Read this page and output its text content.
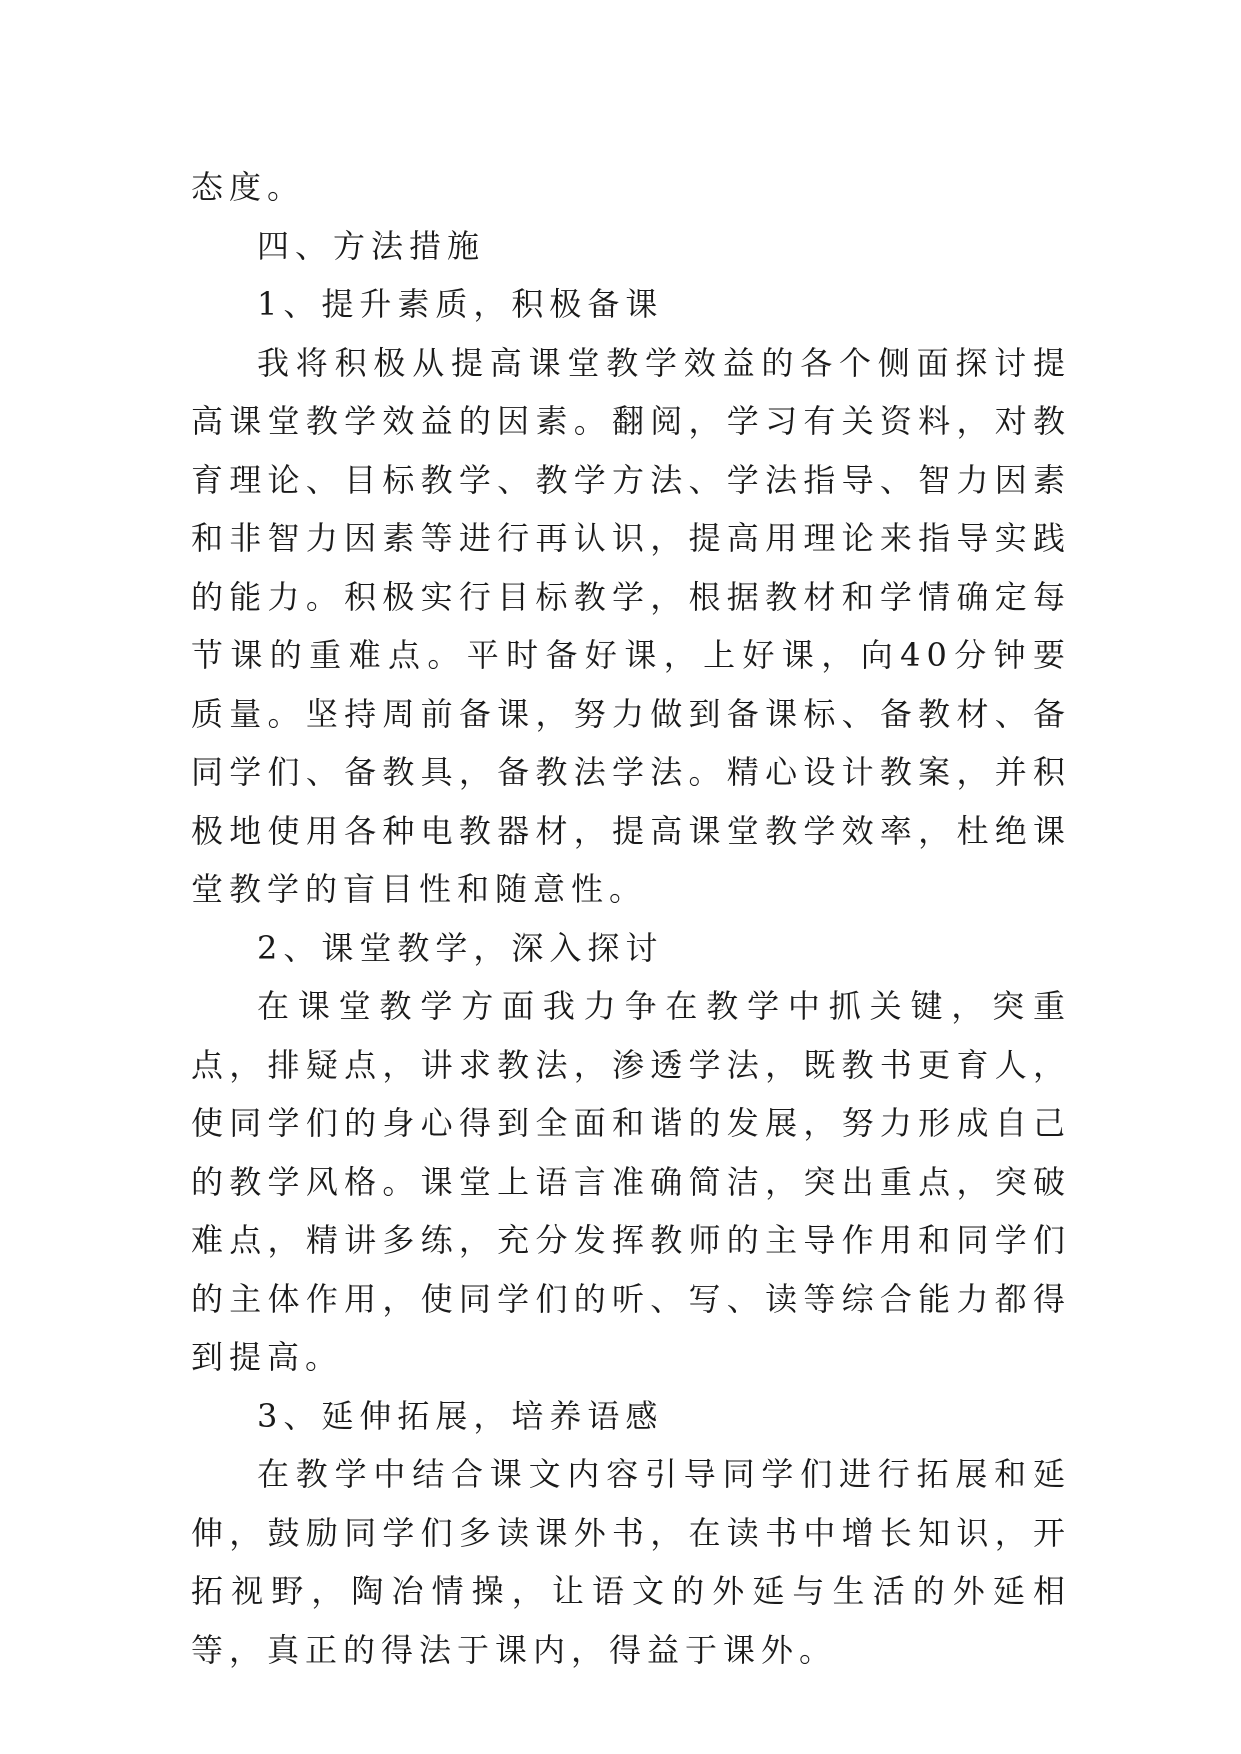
态度。

四、方法措施

1、提升素质，积极备课

我将积极从提高课堂教学效益的各个侧面探讨提高课堂教学效益的因素。翻阅，学习有关资料，对教育理论、目标教学、教学方法、学法指导、智力因素和非智力因素等进行再认识，提高用理论来指导实践的能力。积极实行目标教学，根据教材和学情确定每节课的重难点。平时备好课，上好课，向40分钟要质量。坚持周前备课，努力做到备课标、备教材、备同学们、备教具，备教法学法。精心设计教案，并积极地使用各种电教器材，提高课堂教学效率，杜绝课堂教学的盲目性和随意性。

2、课堂教学，深入探讨

在课堂教学方面我力争在教学中抓关键，突重点，排疑点，讲求教法，渗透学法，既教书更育人，使同学们的身心得到全面和谐的发展，努力形成自己的教学风格。课堂上语言准确简洁，突出重点，突破难点，精讲多练，充分发挥教师的主导作用和同学们的主体作用，使同学们的听、写、读等综合能力都得到提高。

3、延伸拓展，培养语感

在教学中结合课文内容引导同学们进行拓展和延伸，鼓励同学们多读课外书，在读书中增长知识，开拓视野，陶冶情操，让语文的外延与生活的外延相等，真正的得法于课内，得益于课外。
